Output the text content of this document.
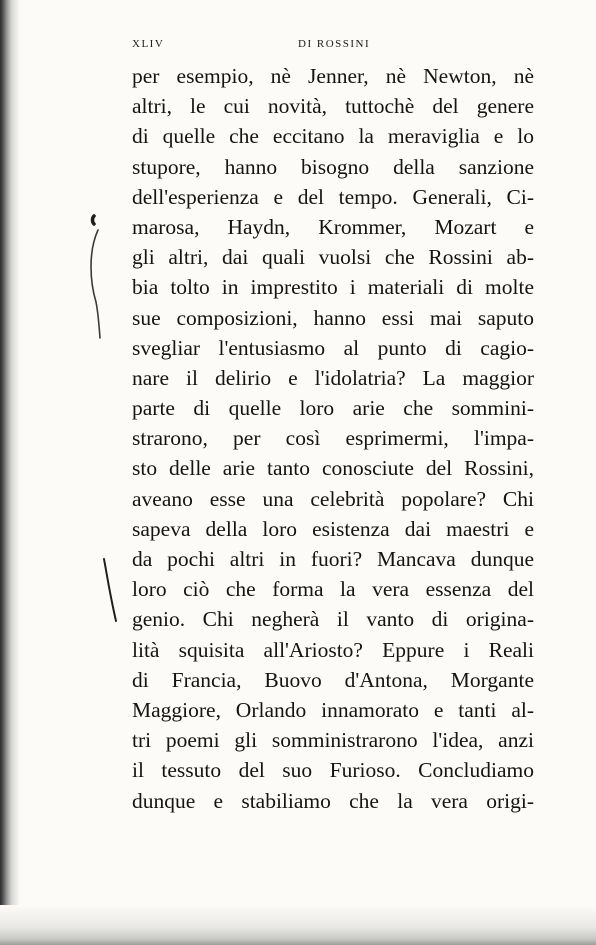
XLIV	DI ROSSINI
per esempio, nè Jenner, nè Newton, nè
altri, le cui novità, tuttochè del genere
di quelle che eccitano la meraviglia e lo
stupore, hanno bisogno della sanzione
dell'esperienza e del tempo. Generali, Ci-
marosa, Haydn, Krommer, Mozart e
gli altri, dai quali vuolsi che Rossini ab-
bia tolto in imprestito i materiali di molte
sue composizioni, hanno essi mai saputo
svegliar l'entusiasmo al punto di cagio-
nare il delirio e l'idolatria? La maggior
parte di quelle loro arie che sommini-
strarono, per così esprimermi, l'impa-
sto delle arie tanto conosciute del Rossini,
aveano esse una celebrità popolare? Chi
sapeva della loro esistenza dai maestri e
da pochi altri in fuori? Mancava dunque
loro ciò che forma la vera essenza del
genio. Chi negherà il vanto di origina-
lità squisita all'Ariosto? Eppure i Reali
di Francia, Buovo d'Antona, Morgante
Maggiore, Orlando innamorato e tanti al-
tri poemi gli somministrarono l'idea, anzi
il tessuto del suo Furioso. Concludiamo
dunque e stabiliamo che la vera origi-
